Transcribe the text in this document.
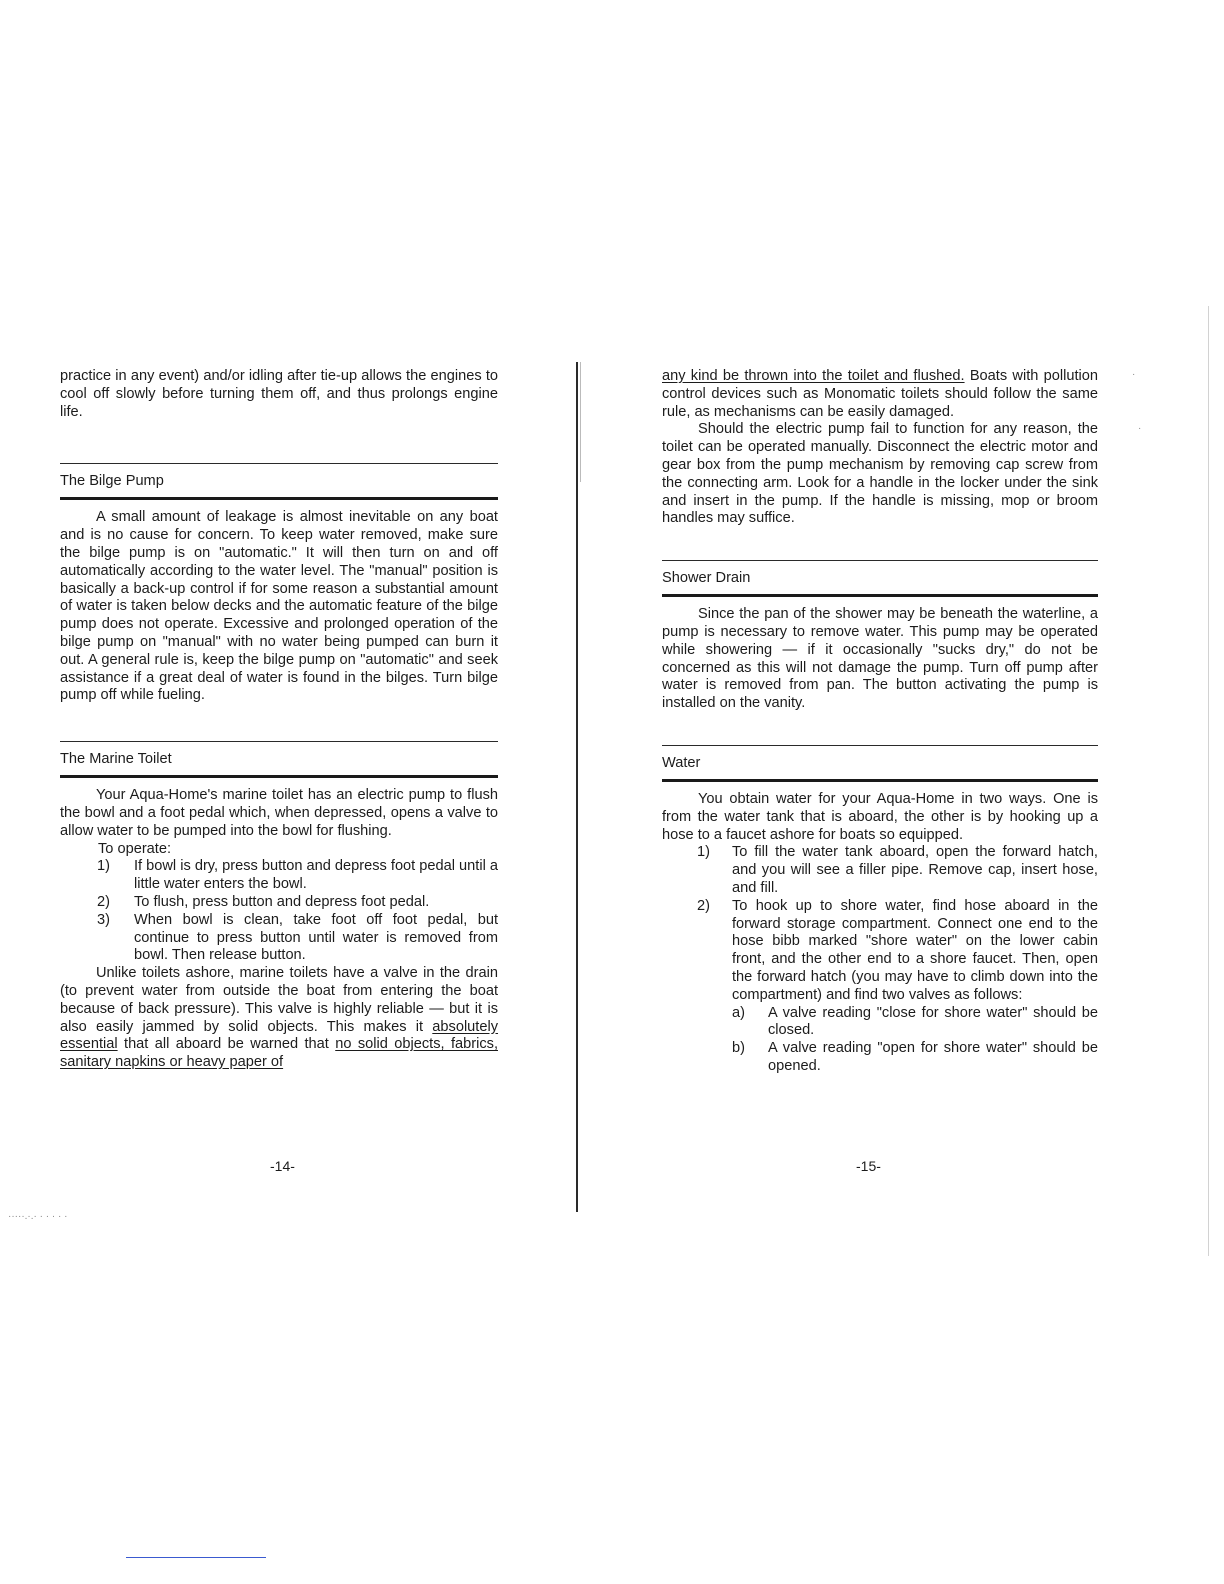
·····.·.· · · · · ·
·
·

practice in any event) and/or idling after tie-up allows the engines to cool off slowly before turning them off, and thus prolongs engine life.

The Bilge Pump

A small amount of leakage is almost inevitable on any boat and is no cause for concern. To keep water removed, make sure the bilge pump is on "automatic." It will then turn on and off automatically according to the water level. The "manual" position is basically a back-up control if for some reason a substantial amount of water is taken below decks and the automatic feature of the bilge pump does not operate. Excessive and prolonged operation of the bilge pump on "manual" with no water being pumped can burn it out. A general rule is, keep the bilge pump on "automatic" and seek assistance if a great deal of water is found in the bilges. Turn bilge pump off while fueling.

The Marine Toilet

Your Aqua-Home's marine toilet has an electric pump to flush the bowl and a foot pedal which, when depressed, opens a valve to allow water to be pumped into the bowl for flushing.

To operate:

1)	If bowl is dry, press button and depress foot pedal until a little water enters the bowl.
2)	To flush, press button and depress foot pedal.
3)	When bowl is clean, take foot off foot pedal, but continue to press button until water is removed from bowl. Then release button.

Unlike toilets ashore, marine toilets have a valve in the drain (to prevent water from outside the boat from entering the boat because of back pressure). This valve is highly reliable — but it is also easily jammed by solid objects. This makes it absolutely essential that all aboard be warned that no solid objects, fabrics, sanitary napkins or heavy paper of

-14-

any kind be thrown into the toilet and flushed. Boats with pollution control devices such as Monomatic toilets should follow the same rule, as mechanisms can be easily damaged.

Should the electric pump fail to function for any reason, the toilet can be operated manually. Disconnect the electric motor and gear box from the pump mechanism by removing cap screw from the connecting arm. Look for a handle in the locker under the sink and insert in the pump. If the handle is missing, mop or broom handles may suffice.

Shower Drain

Since the pan of the shower may be beneath the waterline, a pump is necessary to remove water. This pump may be operated while showering — if it occasionally "sucks dry," do not be concerned as this will not damage the pump. Turn off pump after water is removed from pan. The button activating the pump is installed on the vanity.

Water

You obtain water for your Aqua-Home in two ways. One is from the water tank that is aboard, the other is by hooking up a hose to a faucet ashore for boats so equipped.

1)	To fill the water tank aboard, open the forward hatch, and you will see a filler pipe. Remove cap, insert hose, and fill.
2)	To hook up to shore water, find hose aboard in the forward storage compartment. Connect one end to the hose bibb marked "shore water" on the lower cabin front, and the other end to a shore faucet. Then, open the forward hatch (you may have to climb down into the compartment) and find two valves as follows:
a)	A valve reading "close for shore water" should be closed.
b)	A valve reading "open for shore water" should be opened.
-15-
